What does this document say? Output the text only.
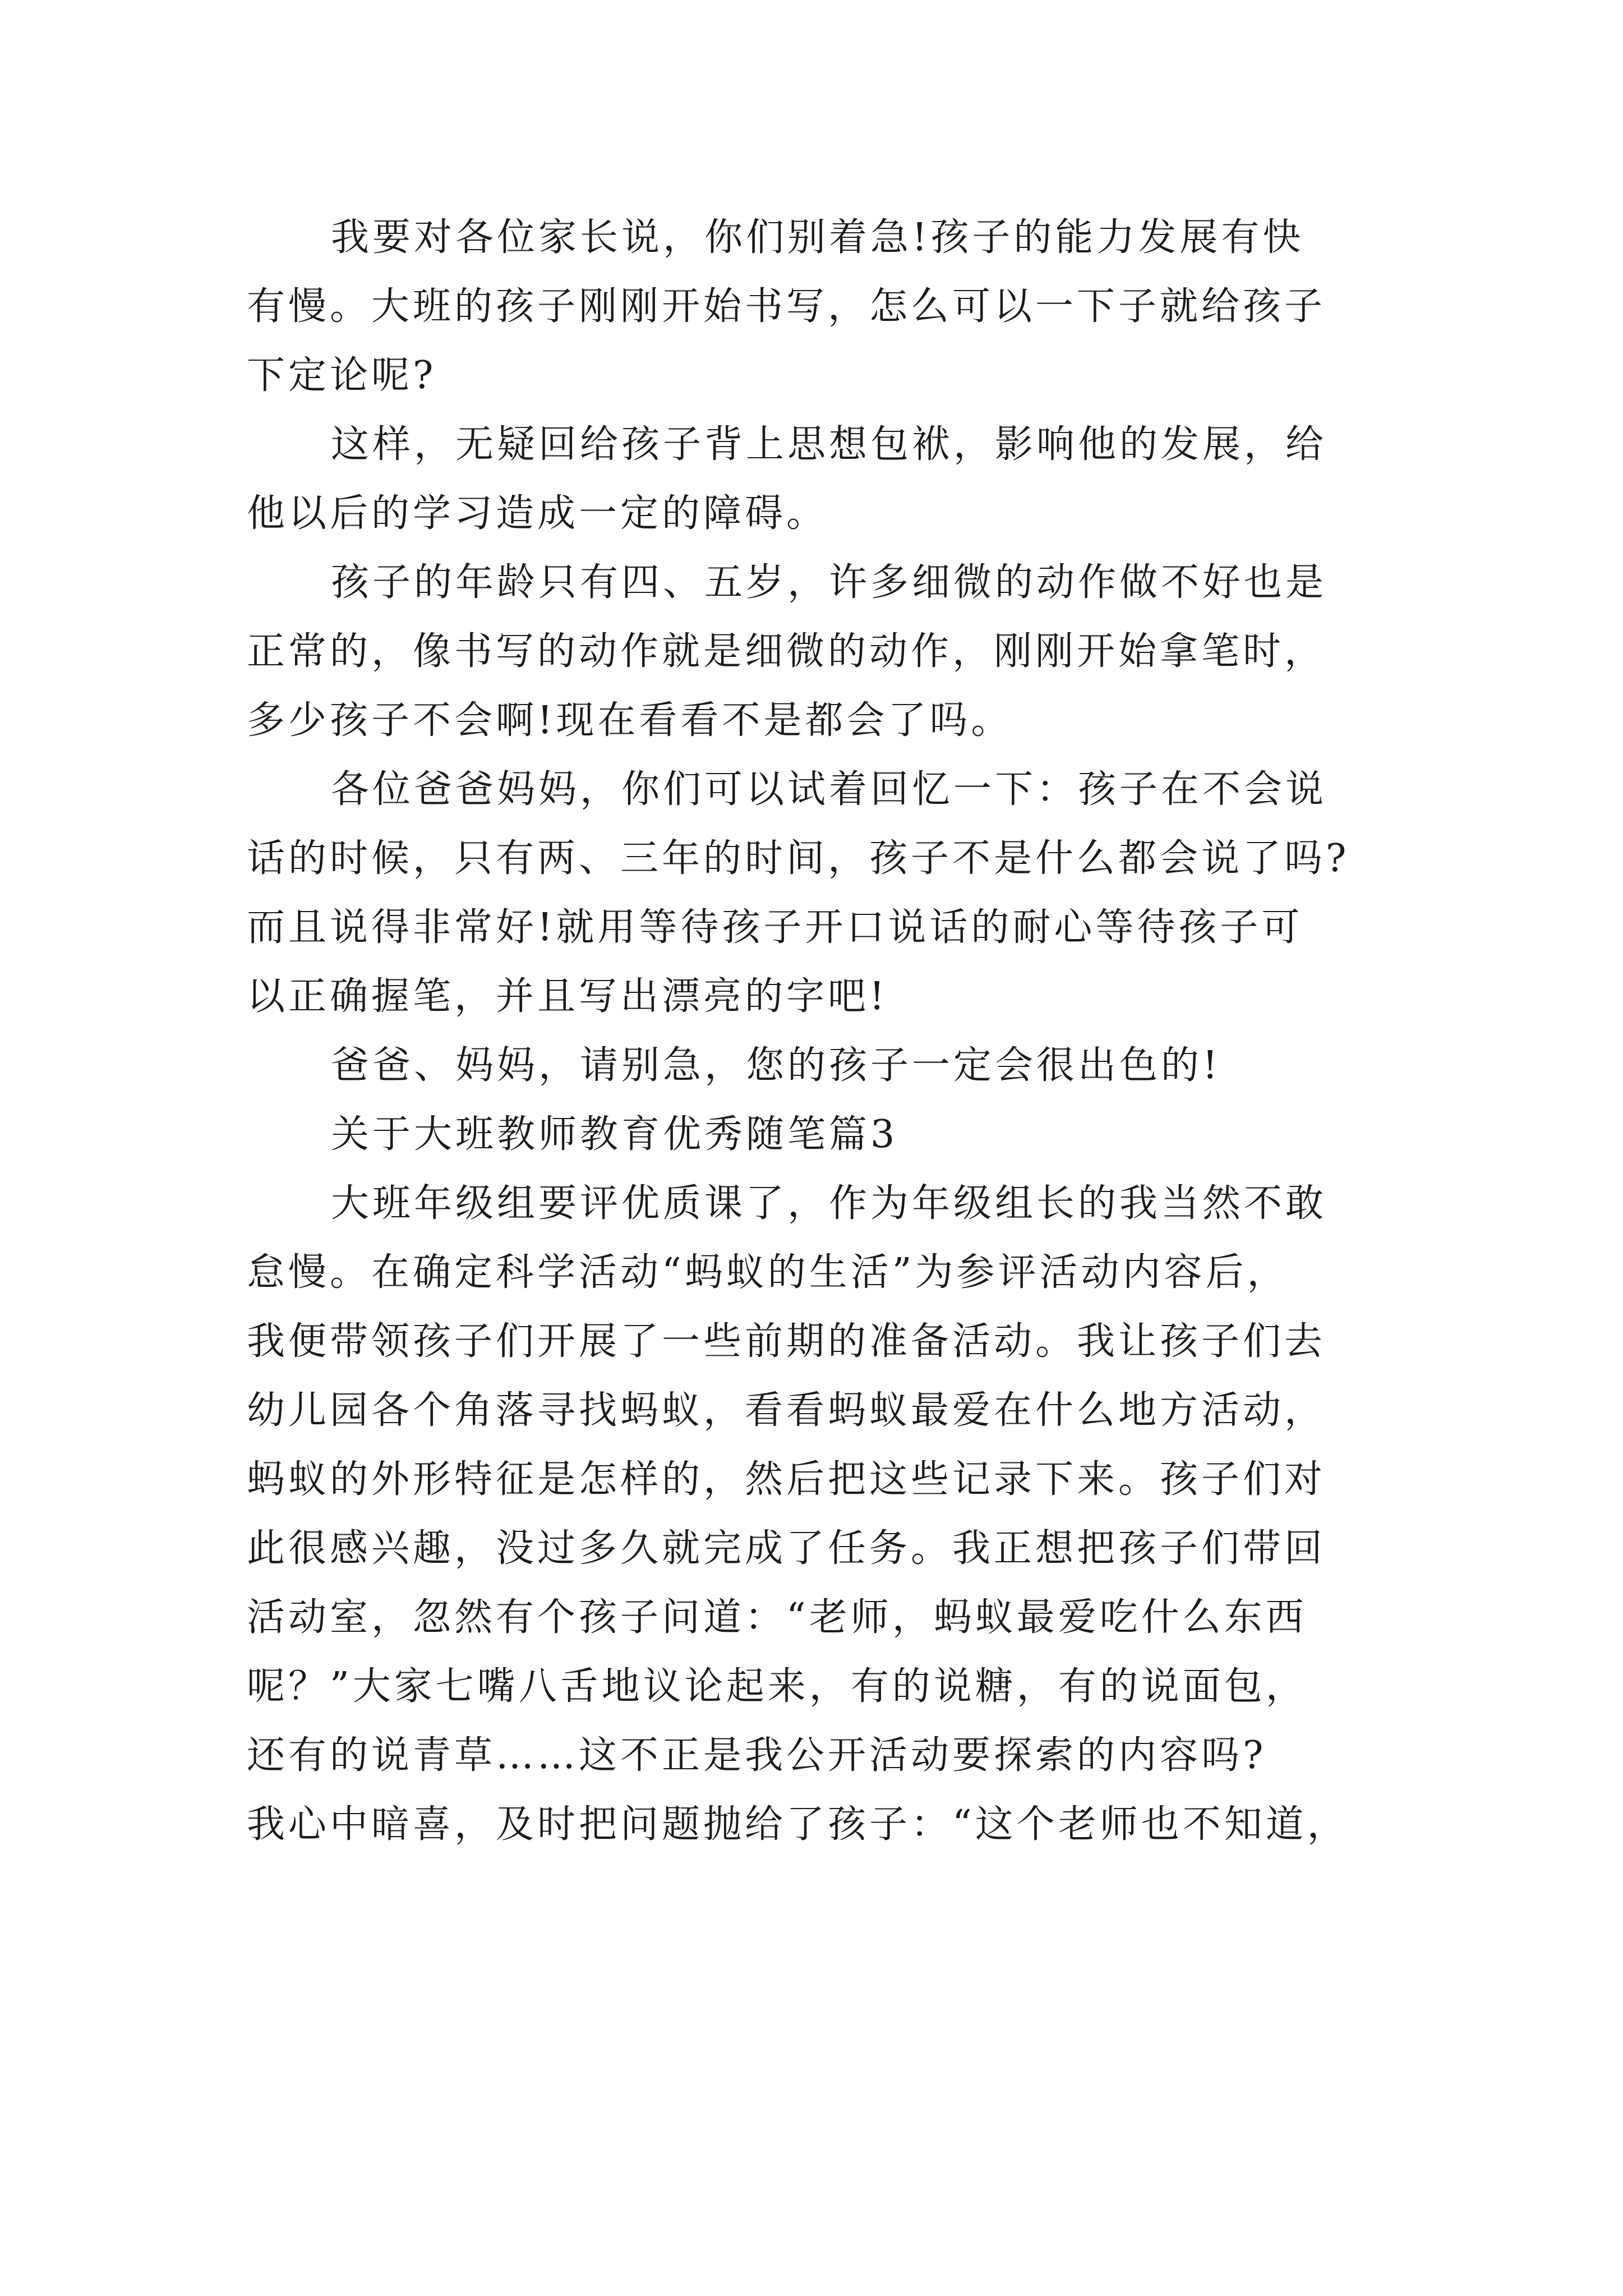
我要对各位家长说，你们别着急!孩子的能力发展有快
有慢。大班的孩子刚刚开始书写，怎么可以一下子就给孩子
下定论呢?
这样，无疑回给孩子背上思想包袱，影响他的发展，给
他以后的学习造成一定的障碍。
孩子的年龄只有四、五岁，许多细微的动作做不好也是
正常的，像书写的动作就是细微的动作，刚刚开始拿笔时，
多少孩子不会啊!现在看看不是都会了吗。
各位爸爸妈妈，你们可以试着回忆一下：孩子在不会说
话的时候，只有两、三年的时间，孩子不是什么都会说了吗?
而且说得非常好!就用等待孩子开口说话的耐心等待孩子可
以正确握笔，并且写出漂亮的字吧!
爸爸、妈妈，请别急，您的孩子一定会很出色的!
关于大班教师教育优秀随笔篇3
大班年级组要评优质课了，作为年级组长的我当然不敢
怠慢。在确定科学活动“蚂蚁的生活”为参评活动内容后，
我便带领孩子们开展了一些前期的准备活动。我让孩子们去
幼儿园各个角落寻找蚂蚁，看看蚂蚁最爱在什么地方活动，
蚂蚁的外形特征是怎样的，然后把这些记录下来。孩子们对
此很感兴趣，没过多久就完成了任务。我正想把孩子们带回
活动室，忽然有个孩子问道：“老师，蚂蚁最爱吃什么东西
呢？”大家七嘴八舌地议论起来，有的说糖，有的说面包，
还有的说青草……这不正是我公开活动要探索的内容吗?
我心中暗喜，及时把问题抛给了孩子：“这个老师也不知道，
